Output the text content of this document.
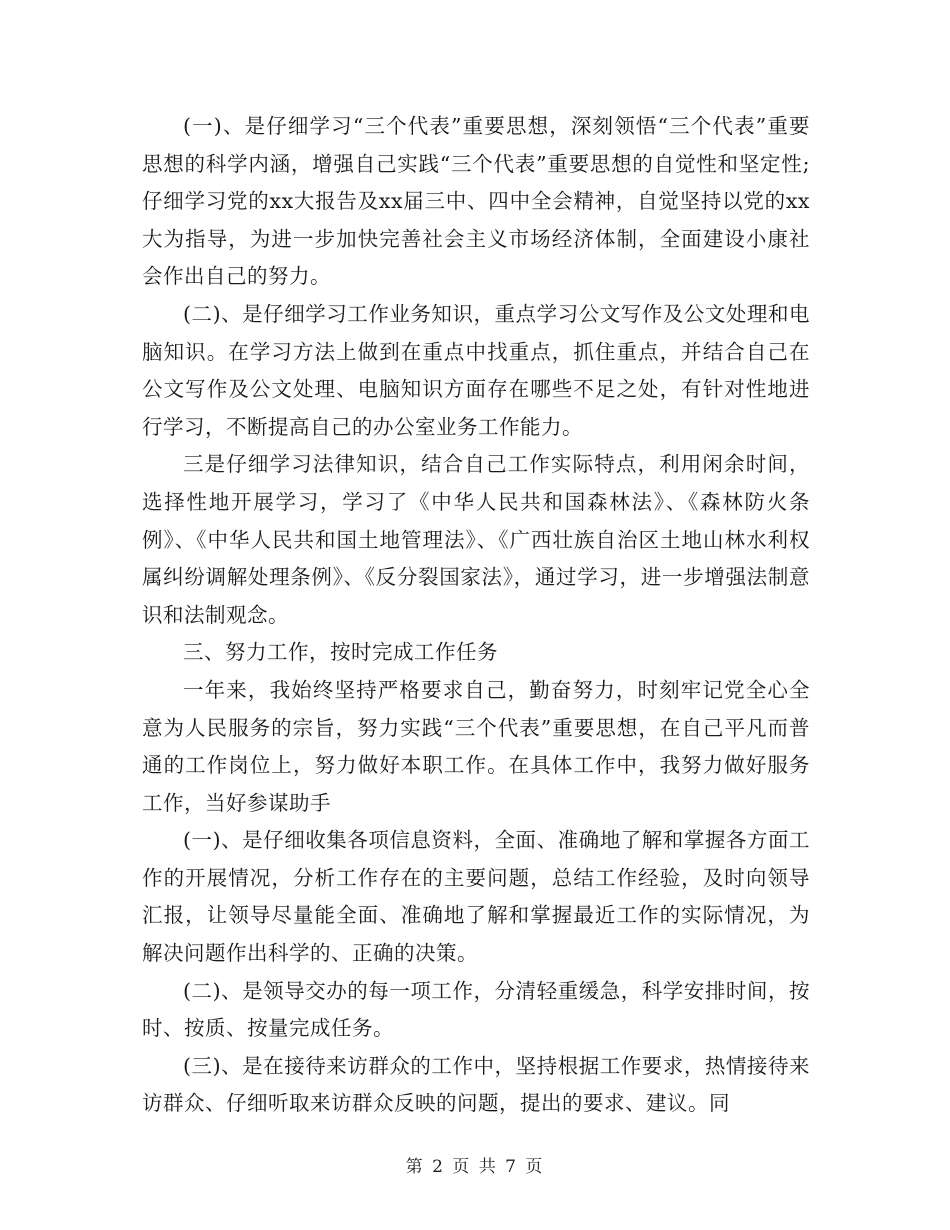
(一)、是仔细学习“三个代表”重要思想，深刻领悟“三个代表”重要思想的科学内涵，增强自己实践“三个代表”重要思想的自觉性和坚定性;仔细学习党的xx大报告及xx届三中、四中全会精神，自觉坚持以党的xx大为指导，为进一步加快完善社会主义市场经济体制，全面建设小康社会作出自己的努力。

(二)、是仔细学习工作业务知识，重点学习公文写作及公文处理和电脑知识。在学习方法上做到在重点中找重点，抓住重点，并结合自己在公文写作及公文处理、电脑知识方面存在哪些不足之处，有针对性地进行学习，不断提高自己的办公室业务工作能力。

三是仔细学习法律知识，结合自己工作实际特点，利用闲余时间，选择性地开展学习，学习了《中华人民共和国森林法》、《森林防火条例》、《中华人民共和国土地管理法》、《广西壮族自治区土地山林水利权属纠纷调解处理条例》、《反分裂国家法》，通过学习，进一步增强法制意识和法制观念。

三、努力工作，按时完成工作任务

一年来，我始终坚持严格要求自己，勤奋努力，时刻牢记党全心全意为人民服务的宗旨，努力实践“三个代表”重要思想，在自己平凡而普通的工作岗位上，努力做好本职工作。在具体工作中，我努力做好服务工作，当好参谋助手

(一)、是仔细收集各项信息资料，全面、准确地了解和掌握各方面工作的开展情况，分析工作存在的主要问题，总结工作经验，及时向领导汇报，让领导尽量能全面、准确地了解和掌握最近工作的实际情况，为解决问题作出科学的、正确的决策。

(二)、是领导交办的每一项工作，分清轻重缓急，科学安排时间，按时、按质、按量完成任务。

(三)、是在接待来访群众的工作中，坚持根据工作要求，热情接待来访群众、仔细听取来访群众反映的问题，提出的要求、建议。同

第 2 页 共 7 页
